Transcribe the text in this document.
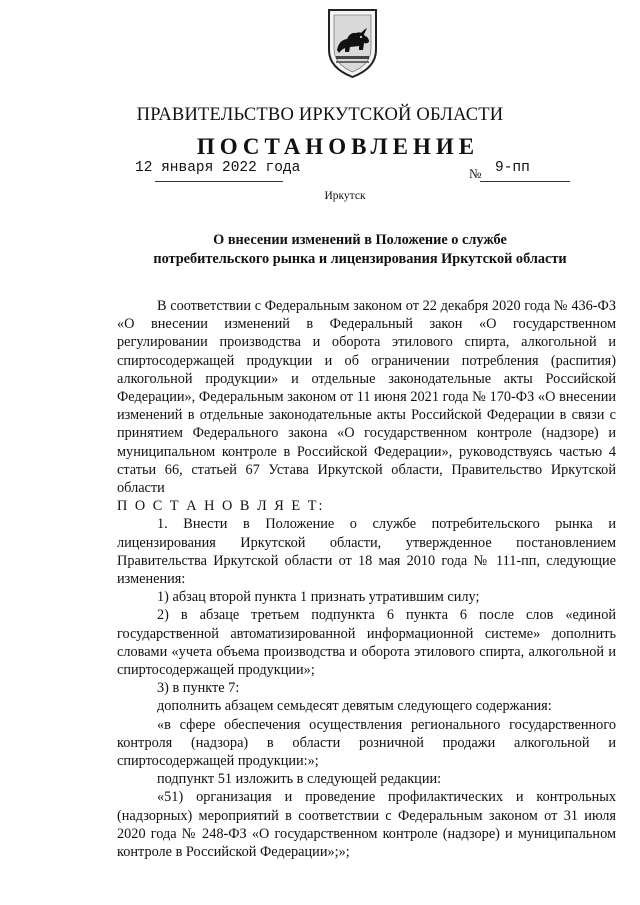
ПРАВИТЕЛЬСТВО ИРКУТСКОЙ ОБЛАСТИ
ПОСТАНОВЛЕНИЕ
12 января 2022 года	№ 9-пп
Иркутск
О внесении изменений в Положение о службе
потребительского рынка и лицензирования Иркутской области

В соответствии с Федеральным законом от 22 декабря 2020 года № 436-ФЗ «О внесении изменений в Федеральный закон «О государственном регулировании производства и оборота этилового спирта, алкогольной и спиртосодержащей продукции и об ограничении потребления (распития) алкогольной продукции» и отдельные законодательные акты Российской Федерации», Федеральным законом от 11 июня 2021 года № 170-ФЗ «О внесении изменений в отдельные законодательные акты Российской Федерации в связи с принятием Федерального закона «О государственном контроле (надзоре) и муниципальном контроле в Российской Федерации», руководствуясь частью 4 статьи 66, статьей 67 Устава Иркутской области, Правительство Иркутской области

П О С Т А Н О В Л Я Е Т:

1. Внести в Положение о службе потребительского рынка и лицензирования Иркутской области, утвержденное постановлением Правительства Иркутской области от 18 мая 2010 года № 111-пп, следующие изменения:

1) абзац второй пункта 1 признать утратившим силу;

2) в абзаце третьем подпункта 6 пункта 6 после слов «единой государственной автоматизированной информационной системе» дополнить словами «учета объема производства и оборота этилового спирта, алкогольной и спиртосодержащей продукции»;

3) в пункте 7:

дополнить абзацем семьдесят девятым следующего содержания:

«в сфере обеспечения осуществления регионального государственного контроля (надзора) в области розничной продажи алкогольной и спиртосодержащей продукции:»;

подпункт 51 изложить в следующей редакции:

«51) организация и проведение профилактических и контрольных (надзорных) мероприятий в соответствии с Федеральным законом от 31 июля 2020 года № 248-ФЗ «О государственном контроле (надзоре) и муниципальном контроле в Российской Федерации»;»;
